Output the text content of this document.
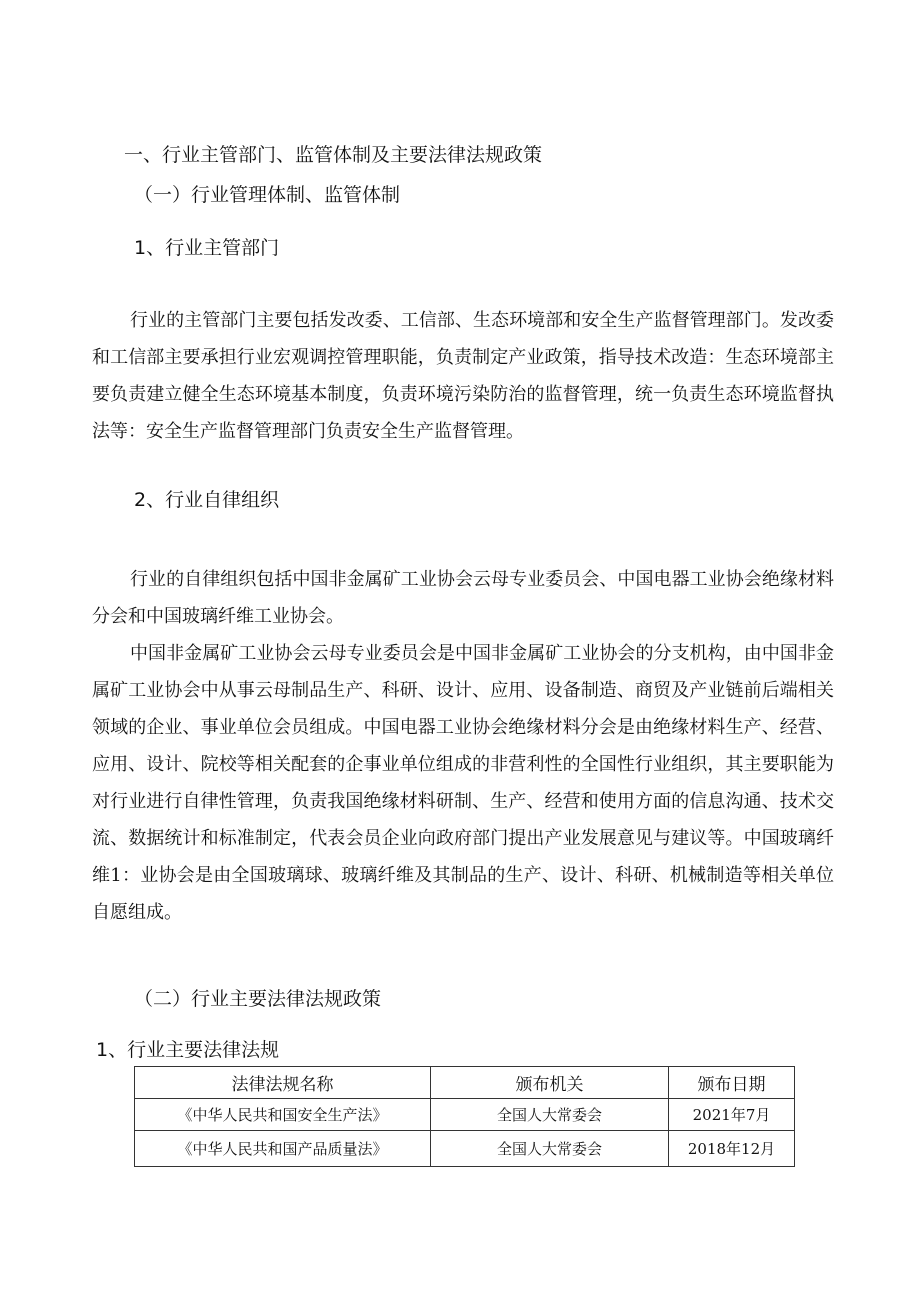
一、行业主管部门、监管体制及主要法律法规政策
（一）行业管理体制、监管体制
1、行业主管部门

行业的主管部门主要包括发改委、工信部、生态环境部和安全生产监督管理部门。发改委和工信部主要承担行业宏观调控管理职能，负责制定产业政策，指导技术改造：生态环境部主要负责建立健全生态环境基本制度，负责环境污染防治的监督管理，统一负责生态环境监督执法等：安全生产监督管理部门负责安全生产监督管理。

2、行业自律组织

行业的自律组织包括中国非金属矿工业协会云母专业委员会、中国电器工业协会绝缘材料分会和中国玻璃纤维工业协会。

中国非金属矿工业协会云母专业委员会是中国非金属矿工业协会的分支机构，由中国非金属矿工业协会中从事云母制品生产、科研、设计、应用、设备制造、商贸及产业链前后端相关领域的企业、事业单位会员组成。中国电器工业协会绝缘材料分会是由绝缘材料生产、经营、应用、设计、院校等相关配套的企事业单位组成的非营利性的全国性行业组织，其主要职能为对行业进行自律性管理，负责我国绝缘材料研制、生产、经营和使用方面的信息沟通、技术交流、数据统计和标准制定，代表会员企业向政府部门提出产业发展意见与建议等。中国玻璃纤维1：业协会是由全国玻璃球、玻璃纤维及其制品的生产、设计、科研、机械制造等相关单位自愿组成。

（二）行业主要法律法规政策
1、行业主要法律法规
法律法规名称	颁布机关	颁布日期
《中华人民共和国安全生产法》	全国人大常委会	2021年7月
《中华人民共和国产品质量法》	全国人大常委会	2018年12月
